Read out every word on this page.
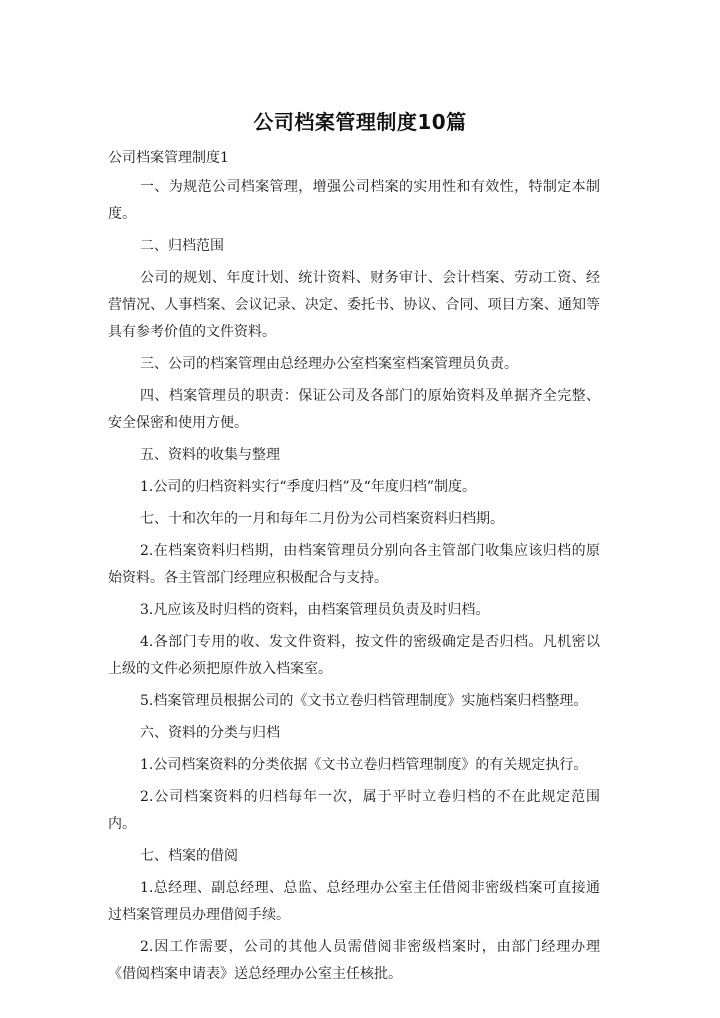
公司档案管理制度10篇
公司档案管理制度1

一、为规范公司档案管理，增强公司档案的实用性和有效性，特制定本制度。

二、归档范围

公司的规划、年度计划、统计资料、财务审计、会计档案、劳动工资、经营情况、人事档案、会议记录、决定、委托书、协议、合同、项目方案、通知等具有参考价值的文件资料。

三、公司的档案管理由总经理办公室档案室档案管理员负责。

四、档案管理员的职责：保证公司及各部门的原始资料及单据齐全完整、安全保密和使用方便。

五、资料的收集与整理

1.公司的归档资料实行“季度归档”及“年度归档”制度。

七、十和次年的一月和每年二月份为公司档案资料归档期。

2.在档案资料归档期，由档案管理员分别向各主管部门收集应该归档的原始资料。各主管部门经理应积极配合与支持。

3.凡应该及时归档的资料，由档案管理员负责及时归档。

4.各部门专用的收、发文件资料，按文件的密级确定是否归档。凡机密以上级的文件必须把原件放入档案室。

5.档案管理员根据公司的《文书立卷归档管理制度》实施档案归档整理。

六、资料的分类与归档

1.公司档案资料的分类依据《文书立卷归档管理制度》的有关规定执行。

2.公司档案资料的归档每年一次，属于平时立卷归档的不在此规定范围内。

七、档案的借阅

1.总经理、副总经理、总监、总经理办公室主任借阅非密级档案可直接通过档案管理员办理借阅手续。

2.因工作需要，公司的其他人员需借阅非密级档案时，由部门经理办理《借阅档案申请表》送总经理办公室主任核批。
